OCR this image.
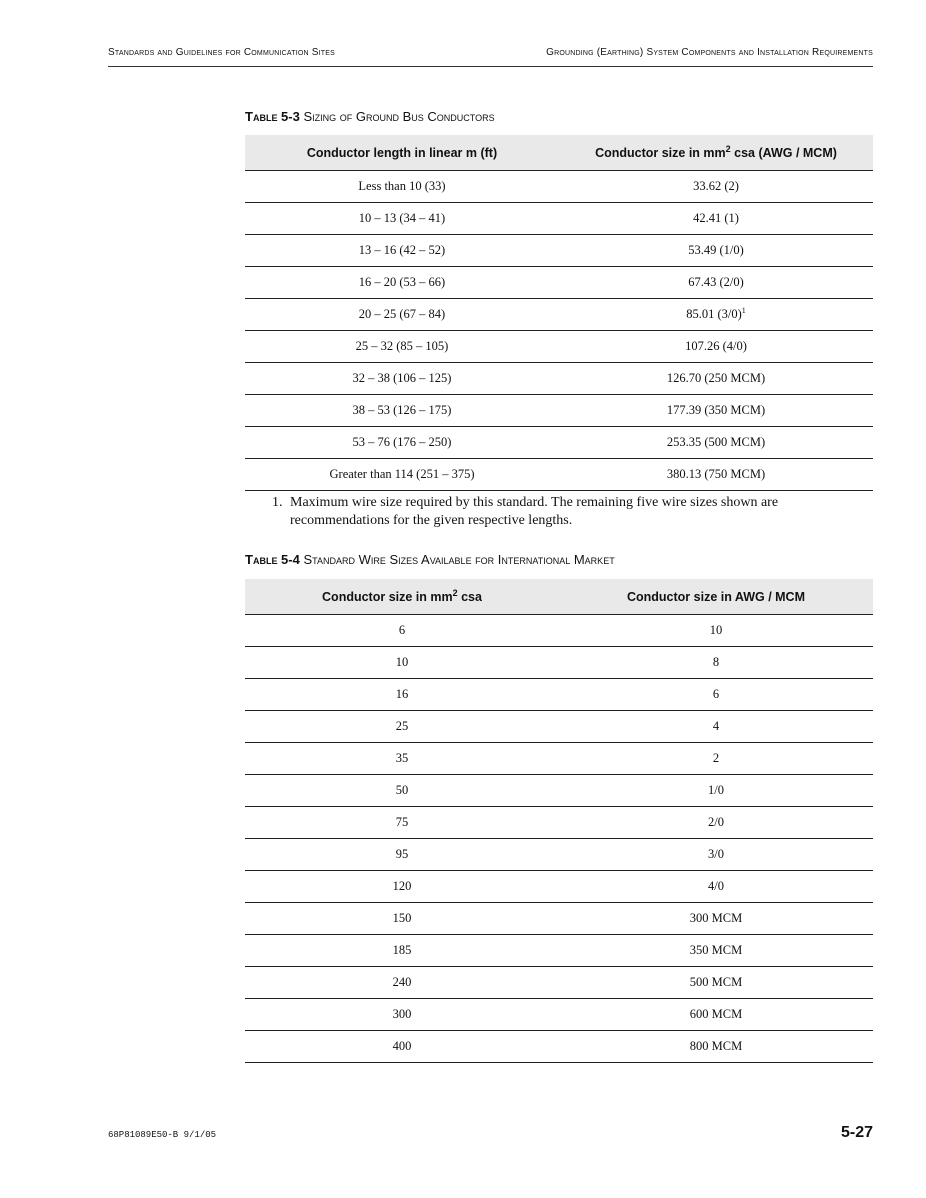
Standards and Guidelines for Communication Sites	Grounding (Earthing) System Components and Installation Requirements
Table 5-3 Sizing of Ground Bus Conductors
Conductor length in linear m (ft)	Conductor size in $mm^2$ csa (AWG / MCM)
Less than 10 (33)	33.62 (2)
10 – 13 (34 – 41)	42.41 (1)
13 – 16 (42 – 52)	53.49 (1/0)
16 – 20 (53 – 66)	67.43 (2/0)
20 – 25 (67 – 84)	85.01 $(3/0)^1$
25 – 32 (85 – 105)	107.26 (4/0)
32 – 38 (106 – 125)	126.70 (250 MCM)
38 – 53 (126 – 175)	177.39 (350 MCM)
53 – 76 (176 – 250)	253.35 (500 MCM)
Greater than 114 (251 – 375)	380.13 (750 MCM)
1. Maximum wire size required by this standard. The remaining five wire sizes shown are recommendations for the given respective lengths.
Table 5-4 Standard Wire Sizes Available for International Market
Conductor size in $mm^2$ csa	Conductor size in AWG / MCM
6	10
10	8
16	6
25	4
35	2
50	1/0
75	2/0
95	3/0
120	4/0
150	300 MCM
185	350 MCM
240	500 MCM
300	600 MCM
400	800 MCM
68P81089E50-B 9/1/05	5-27
